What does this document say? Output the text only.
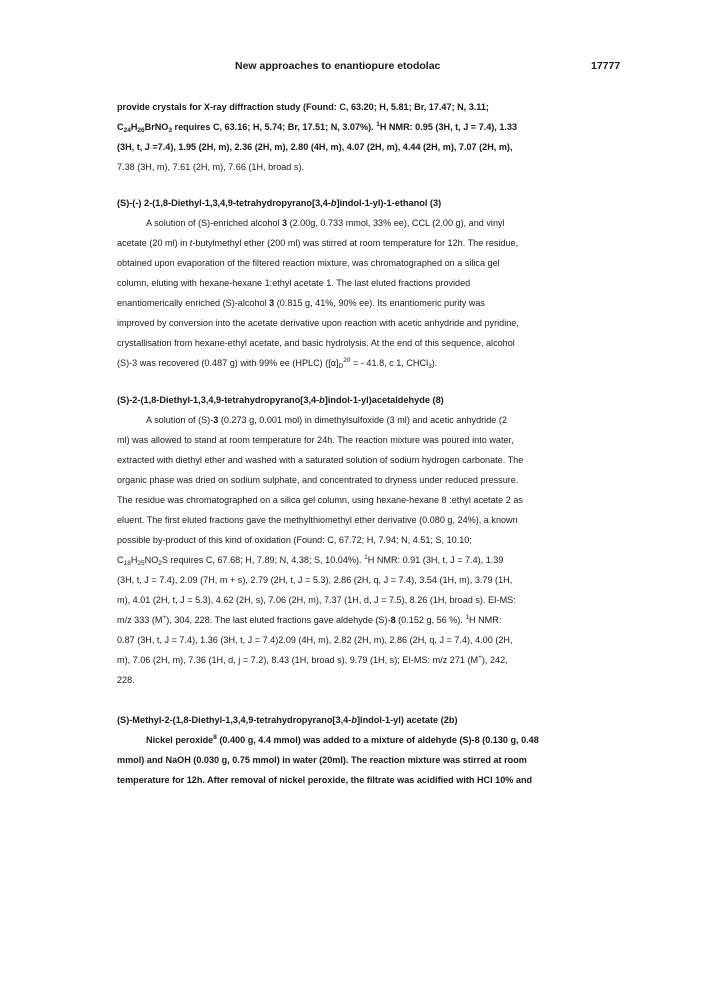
New approaches to enantiopure etodolac	17777

provide crystals for X-ray diffraction study (Found: C, 63.20; H, 5.81; Br, 17.47; N, 3.11;

$C_{24}H_{26}BrNO_3$ requires C, 63.16; H, 5.74; Br, 17.51; N, 3.07%). $^1$H NMR: 0.95 (3H, t, J = 7.4), 1.33

(3H, t, J =7.4), 1.95 (2H, m), 2.36 (2H, m), 2.80 (4H, m), 4.07 (2H, m), 4.44 (2H, m), 7.07 (2H, m),

7.38 (3H, m), 7.61 (2H, m), 7.66 (1H, broad s).

(S)-(-) 2-(1,8-Diethyl-1,3,4,9-tetrahydropyrano[3,4-b]indol-1-yl)-1-ethanol (3)

A solution of (S)-enriched alcohol 3 (2.00g, 0.733 mmol, 33% ee), CCL (2.00 g), and vinyl

acetate (20 ml) in t-butylmethyl ether (200 ml) was stirred at room temperature for 12h. The residue,

obtained upon evaporation of the filtered reaction mixture, was chromatographed on a silica gel

column, eluting with hexane-hexane 1:ethyl acetate 1. The last eluted fractions provided

enantiomerically enriched (S)-alcohol 3 (0.815 g, 41%, 90% ee). Its enantiomeric purity was

improved by conversion into the acetate derivative upon reaction with acetic anhydride and pyridine,

crystallisation from hexane-ethyl acetate, and basic hydrolysis. At the end of this sequence, alcohol

(S)-3 was recovered (0.487 g) with 99% ee (HPLC) ($[\alpha]_D^{20}$ = - 41.8, c 1, CHCl$_3$).

(S)-2-(1,8-Diethyl-1,3,4,9-tetrahydropyrano[3,4-b]indol-1-yl)acetaldehyde (8)

A solution of (S)-3 (0.273 g, 0.001 mol) in dimethylsulfoxide (3 ml) and acetic anhydride (2

ml) was allowed to stand at room temperature for 24h. The reaction mixture was poured into water,

extracted with diethyl ether and washed with a saturated solution of sodium hydrogen carbonate. The

organic phase was dried on sodium sulphate, and concentrated to dryness under reduced pressure.

The residue was chromatographed on a silica gel column, using hexane-hexane 8 :ethyl acetate 2 as

eluent. The first eluted fractions gave the methylthiomethyl ether derivative (0.080 g, 24%), a known

possible by-product of this kind of oxidation (Found: C, 67.72; H, 7.94; N, 4.51; S, 10.10;

$C_{18}H_{25}NO_2S$ requires C, 67.68; H, 7.89; N, 4.38; S, 10.04%). $^1$H NMR: 0.91 (3H, t, J = 7.4), 1.39

(3H, t, J = 7.4), 2.09 (7H, m + s), 2.79 (2H, t, J = 5.3), 2.86 (2H, q, J = 7.4), 3.54 (1H, m), 3.79 (1H,

m), 4.01 (2H, t, J = 5.3), 4.62 (2H, s), 7.06 (2H, m), 7.37 (1H, d, J = 7.5), 8.26 (1H, broad s). EI-MS:

m/z 333 (M+), 304, 228. The last eluted fractions gave aldehyde (S)-8 (0.152 g, 56 %). $^1$H NMR:

0.87 (3H, t, J = 7.4), 1.36 (3H, t, J = 7.4)2.09 (4H, m), 2.82 (2H, m), 2.86 (2H, q, J = 7.4), 4.00 (2H,

m), 7.06 (2H, m), 7.36 (1H, d, j = 7.2), 8.43 (1H, broad s), 9.79 (1H, s); EI-MS: m/z 271 (M+), 242,

228.

(S)-Methyl-2-(1,8-Diethyl-1,3,4,9-tetrahydropyrano[3,4-b]indol-1-yl) acetate (2b)

Nickel peroxide$^8$ (0.400 g, 4.4 mmol) was added to a mixture of aldehyde (S)-8 (0.130 g, 0.48

mmol) and NaOH (0.030 g, 0.75 mmol) in water (20ml). The reaction mixture was stirred at room

temperature for 12h. After removal of nickel peroxide, the filtrate was acidified with HCl 10% and
